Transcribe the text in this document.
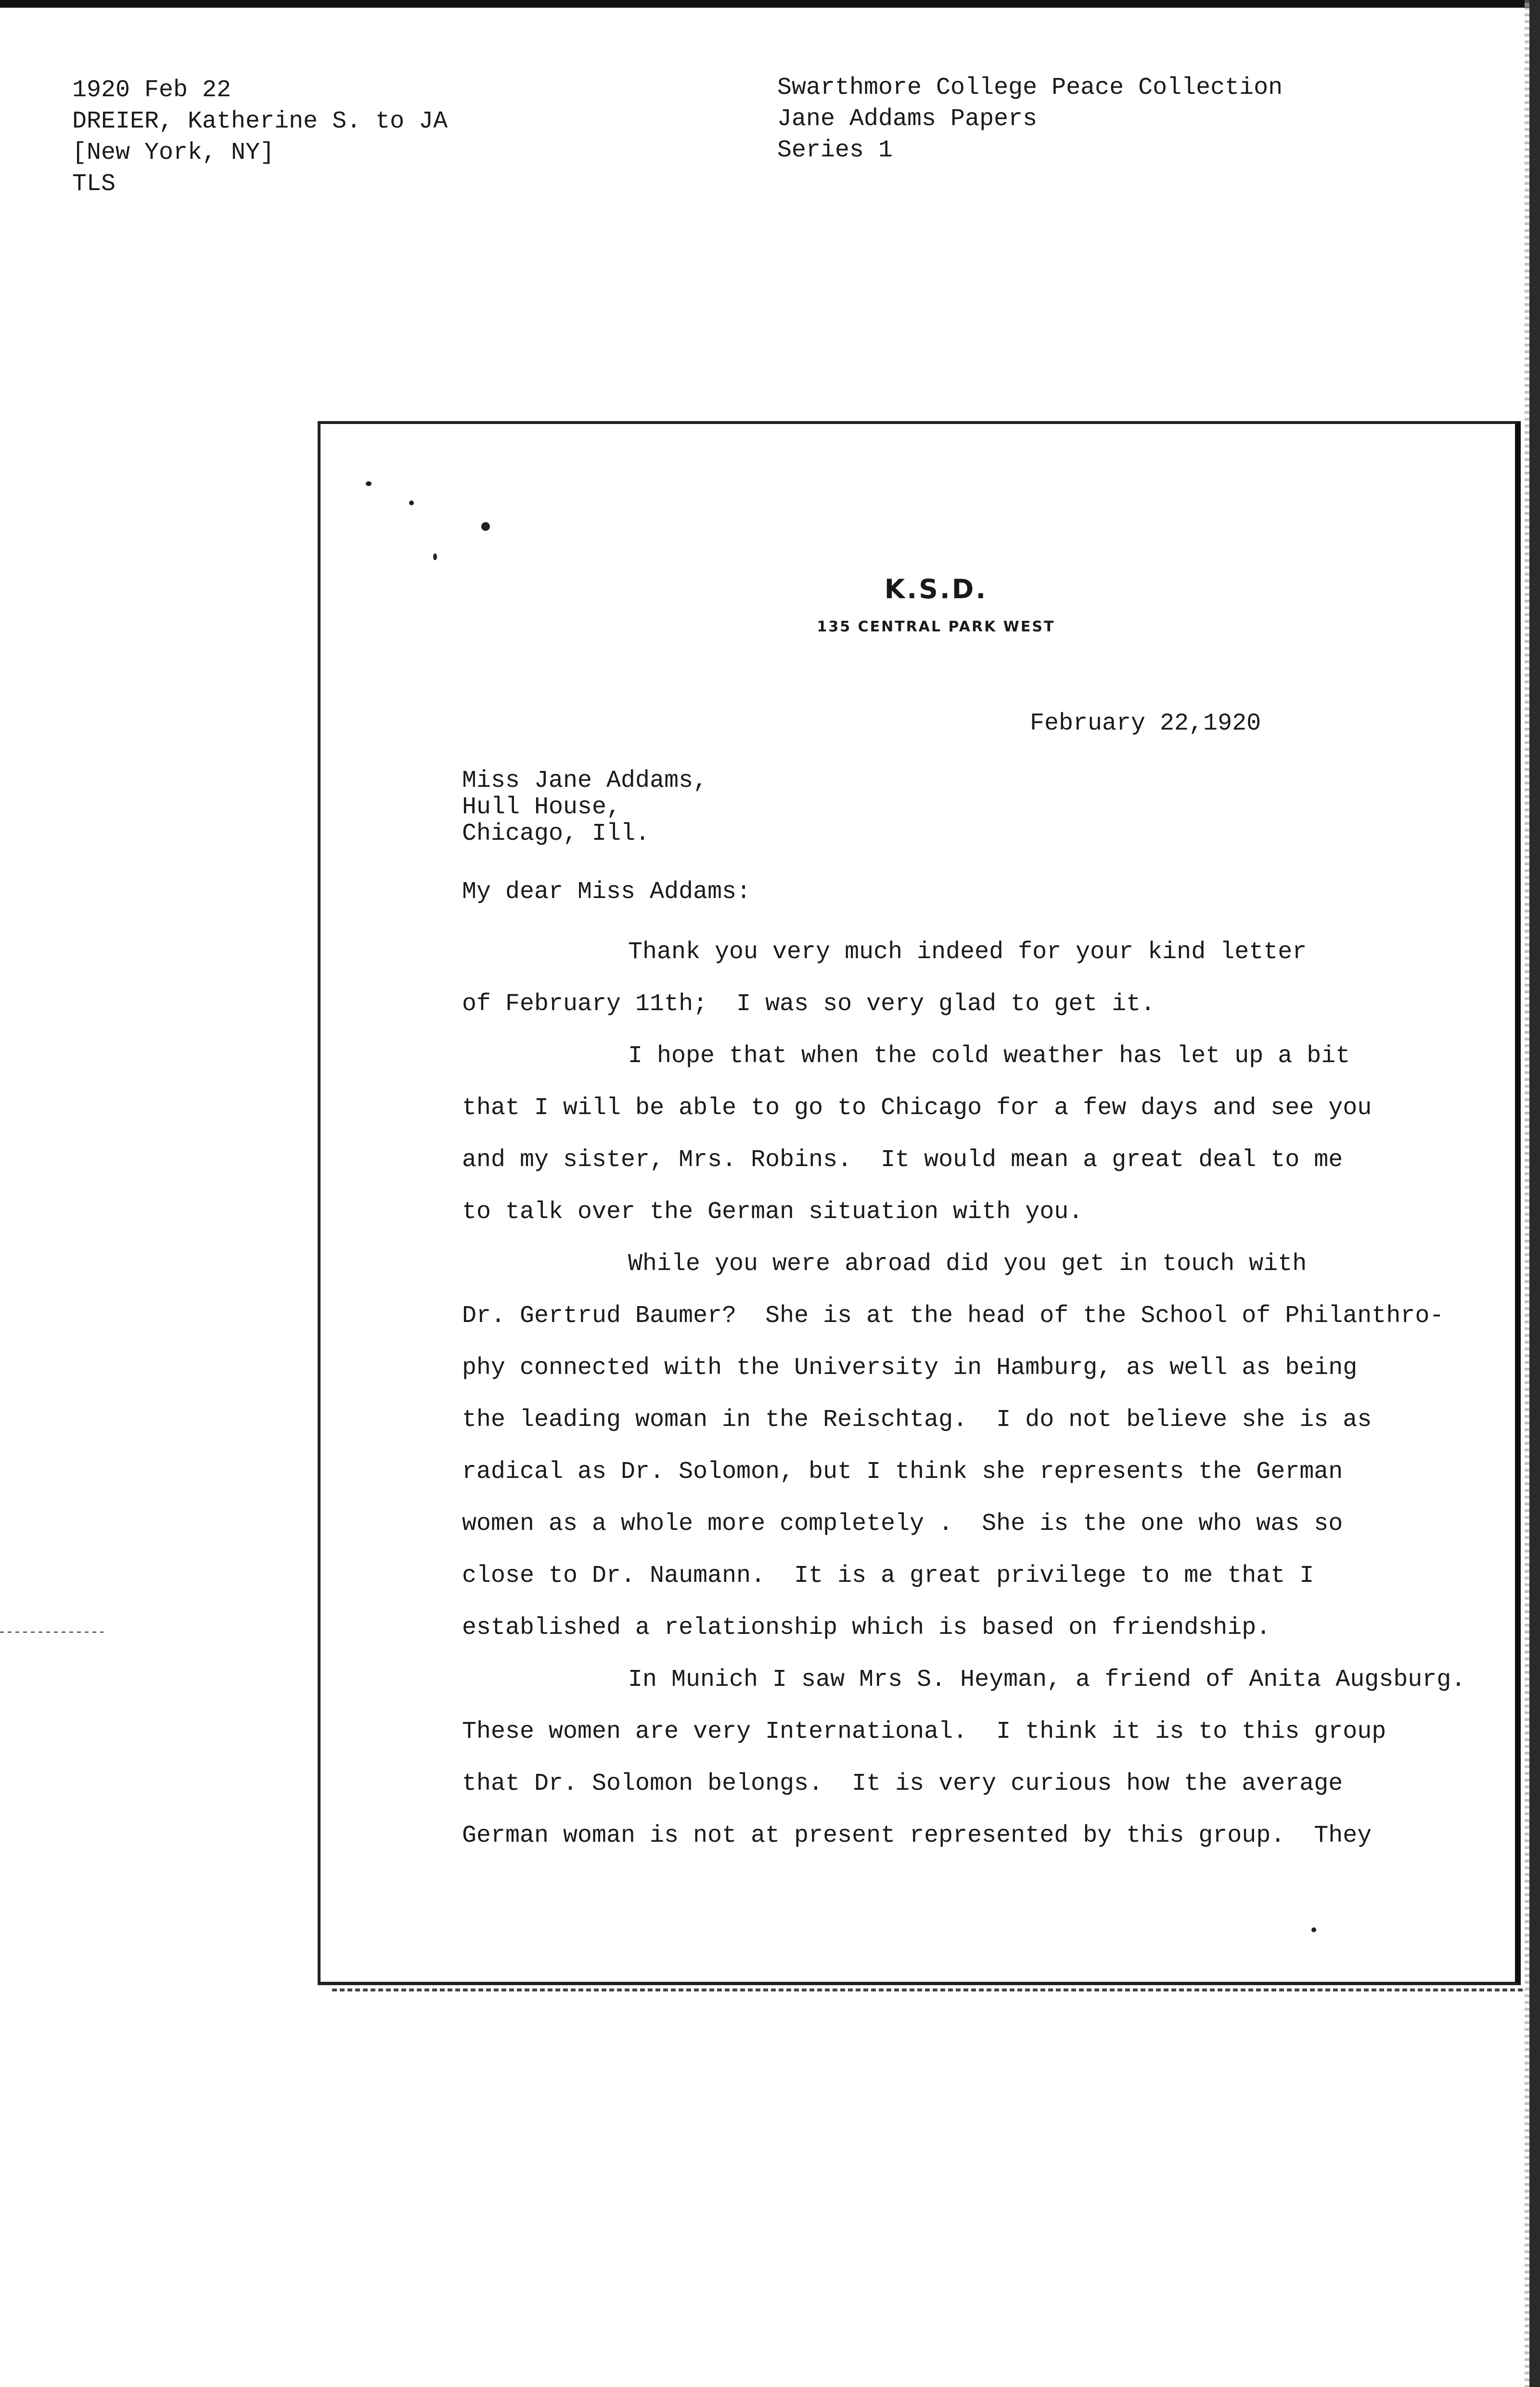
1920 Feb 22
DREIER, Katherine S. to JA
[New York, NY]
TLS
Swarthmore College Peace Collection
Jane Addams Papers
Series 1
K.S.D.
135 CENTRAL PARK WEST
February 22,1920
Miss Jane Addams,
Hull House,
Chicago, Ill.
My dear Miss Addams:
Thank you very much indeed for your kind letter
of February 11th;  I was so very glad to get it.
I hope that when the cold weather has let up a bit
that I will be able to go to Chicago for a few days and see you
and my sister, Mrs. Robins.  It would mean a great deal to me
to talk over the German situation with you.
While you were abroad did you get in touch with
Dr. Gertrud Baumer?  She is at the head of the School of Philanthro-
phy connected with the University in Hamburg, as well as being
the leading woman in the Reischtag.  I do not believe she is as
radical as Dr. Solomon, but I think she represents the German
women as a whole more completely .  She is the one who was so
close to Dr. Naumann.  It is a great privilege to me that I
established a relationship which is based on friendship.
In Munich I saw Mrs S. Heyman, a friend of Anita Augsburg.
These women are very International.  I think it is to this group
that Dr. Solomon belongs.  It is very curious how the average
German woman is not at present represented by this group.  They
